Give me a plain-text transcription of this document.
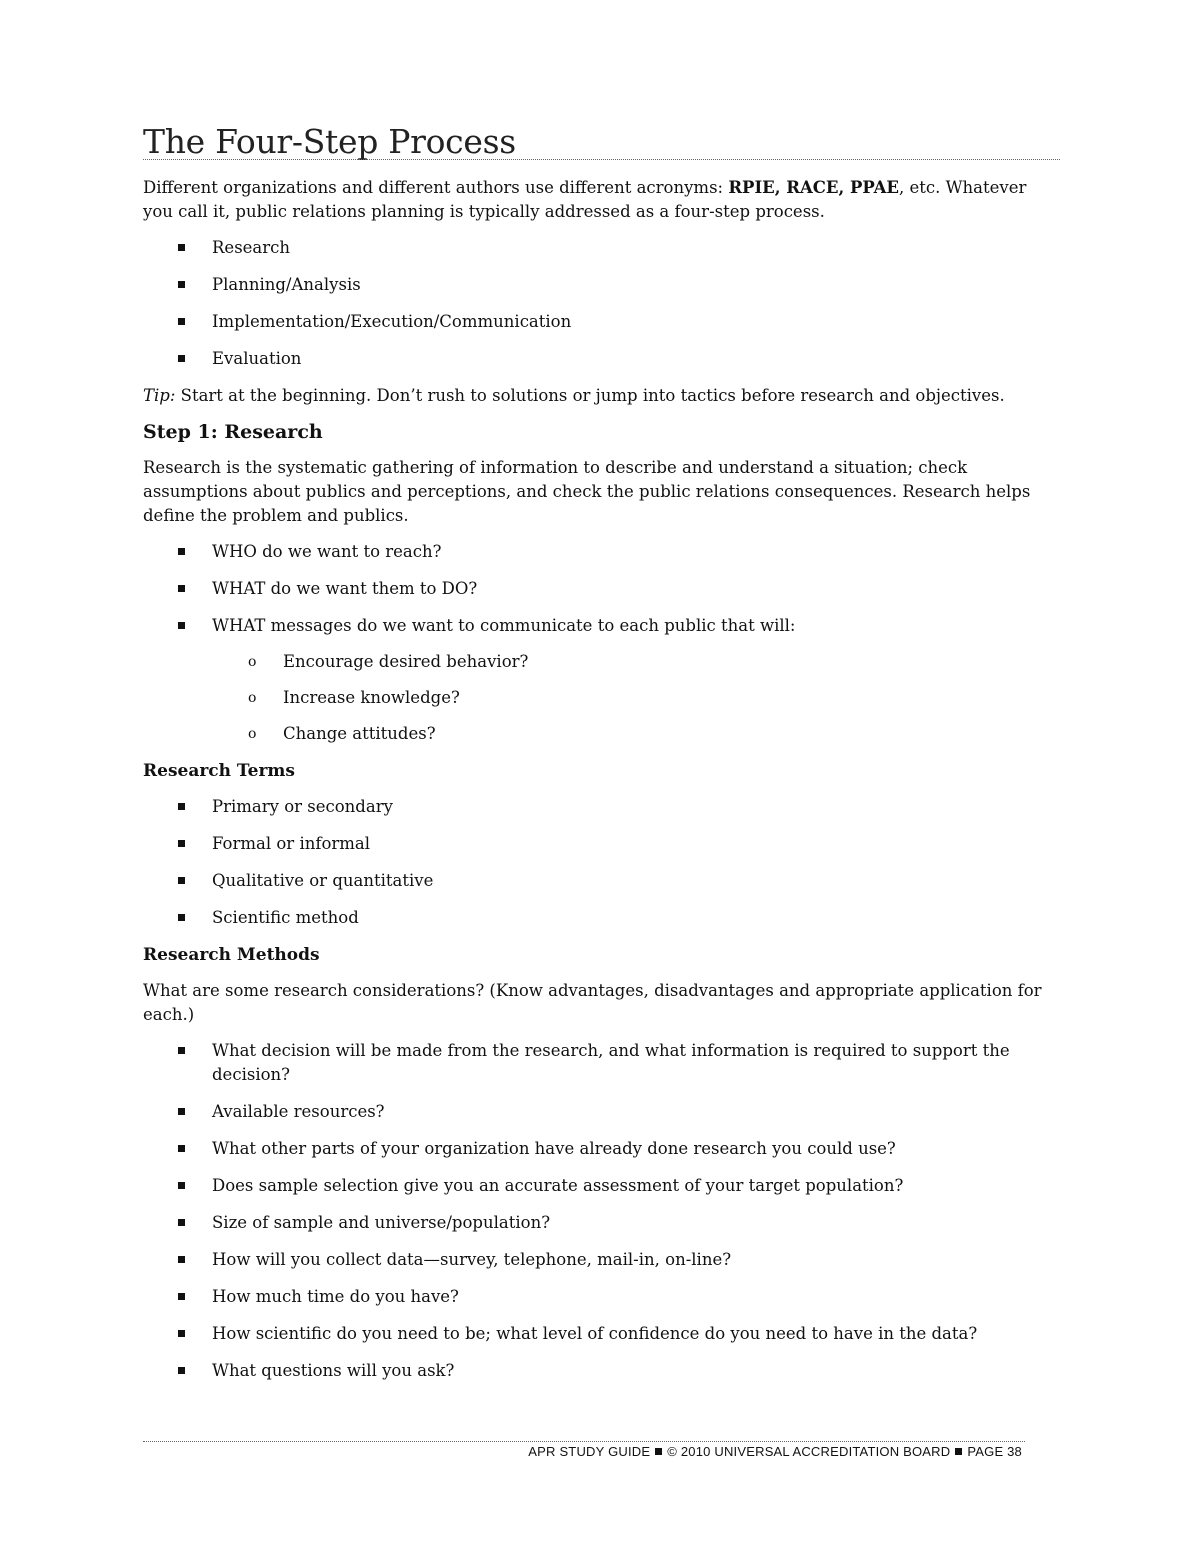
The Four-Step Process

Different organizations and different authors use different acronyms: RPIE, RACE, PPAE, etc. Whatever you call it, public relations planning is typically addressed as a four-step process.

Research
Planning/Analysis
Implementation/Execution/Communication
Evaluation

Tip: Start at the beginning. Don’t rush to solutions or jump into tactics before research and objectives.

Step 1: Research

Research is the systematic gathering of information to describe and understand a situation; check assumptions about publics and perceptions, and check the public relations consequences. Research helps define the problem and publics.

WHO do we want to reach?
WHAT do we want them to DO?
WHAT messages do we want to communicate to each public that will:
o Encourage desired behavior?
o Increase knowledge?
o Change attitudes?
Research Terms
Primary or secondary
Formal or informal
Qualitative or quantitative
Scientific method
Research Methods

What are some research considerations? (Know advantages, disadvantages and appropriate application for each.)

What decision will be made from the research, and what information is required to support the decision?
Available resources?
What other parts of your organization have already done research you could use?
Does sample selection give you an accurate assessment of your target population?
Size of sample and universe/population?
How will you collect data—survey, telephone, mail-in, on-line?
How much time do you have?
How scientific do you need to be; what level of confidence do you need to have in the data?
What questions will you ask?
APR STUDY GUIDE © 2010 UNIVERSAL ACCREDITATION BOARD PAGE 38
